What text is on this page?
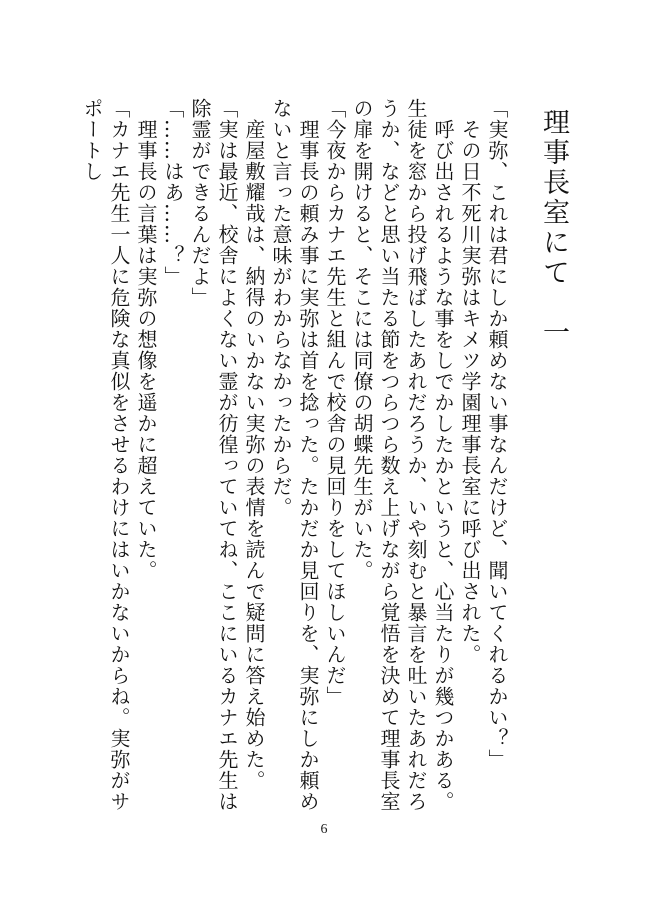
理事長室にて　一

「実弥、これは君にしか頼めない事なんだけど、聞いてくれるかい？」

　その日不死川実弥はキメツ学園理事長室に呼び出された。

　呼び出されるような事をしでかしたかというと、心当たりが幾つかある。生徒を窓から投げ飛ばしたあれだろうか、いや刻むと暴言を吐いたあれだろうか、などと思い当たる節をつらつら数え上げながら覚悟を決めて理事長室の扉を開けると、そこには同僚の胡蝶先生がいた。

「今夜からカナエ先生と組んで校舎の見回りをしてほしいんだ」

　理事長の頼み事に実弥は首を捻った。たかだか見回りを、実弥にしか頼めないと言った意味がわからなかったからだ。

　産屋敷耀哉は、納得のいかない実弥の表情を読んで疑問に答え始めた。

「実は最近、校舎によくない霊が彷徨っていてね、ここにいるカナエ先生は除霊ができるんだよ」

「……はあ……？」

　理事長の言葉は実弥の想像を遥かに超えていた。

「カナエ先生一人に危険な真似をさせるわけにはいかないからね。実弥がサポートし

6
